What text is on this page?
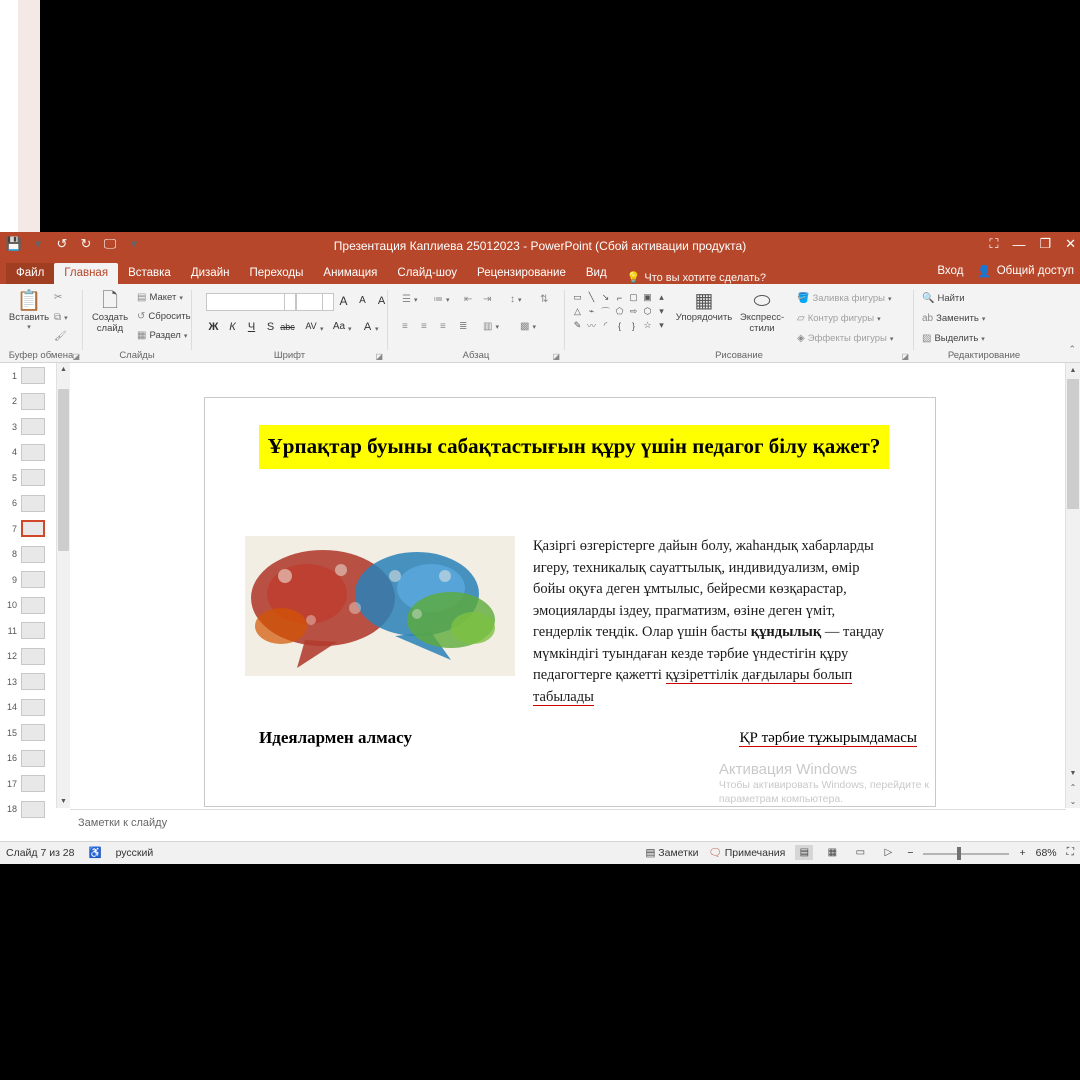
💾 ▾	↺ ↻ 🖵	▾	Презентация Каплиева 25012023 - PowerPoint (Сбой активации продукта)	⛶ — ❐ ✕
Файл	Главная	Вставка	Дизайн	Переходы	Анимация	Слайд-шоу	Рецензирование	Вид	💡 Что вы хотите сделать?
Вход 👤 Общий доступ
📋
Вставить
▾
✂
⧉ ▾
🖌
Буфер обмена ◪
🗋
Создать слайд
▤ Макет ▾
↺ Сбросить
▦ Раздел ▾
Слайды
A	A	A
Ж К	Ч	S abc	AV ▾ Aa ▾	A ▾
Шрифт	◪
☰ ▾ ≔ ▾ ⇤ ⇥ ↕ ▾ ⇅
≡ ≡ ≡ ≣ ▥ ▾ ▩ ▾
Абзац	◪
▭ ╲ ↘ ⌐ ▢ ▣ ▴
△ ⌁ ⌒ ⬠ ⇨ ⬡ ▾
✎ 〰 ◜	{	} ☆ ▾
▦
Упорядочить
⬭
Экспресс-стили
🪣 Заливка фигуры ▾
▱ Контур фигуры ▾
◈ Эффекты фигуры ▾
Рисование	◪
🔍 Найти
ab Заменить ▾
▨ Выделить ▾
Редактирование
⌃
1
2
3
4
5
6
7
8
9
10
11
12
13
14
15
16
17
18
▲
▼
Ұрпақтар буыны сабақтастығын құру үшін педагог білу қажет?
Қазіргі өзгерістерге дайын болу, жаһандық хабарларды игеру, техникалық сауаттылық, индивидуализм, өмір бойы оқуға деген ұмтылыс, бейресми көзқарастар, эмоцияларды іздеу, прагматизм, өзіне деген үміт, гендерлік теңдік. Олар үшін басты құндылық — таңдау мүмкіндігі туындаған кезде тәрбие үндестігін құру педагогтерге қажетті құзіреттілік дағдылары болып табылады
Идеялармен алмасу	ҚР тәрбие тұжырымдамасы
Активация Windows
Чтобы активировать Windows, перейдите к
параметрам компьютера.
▲
▼
⌃
⌄
Заметки к слайду
Слайд 7 из 28 ♿ русский	▤ Заметки 🗨 Примечания	▤	▦	▭	▷	−	+ 68% ⛶
